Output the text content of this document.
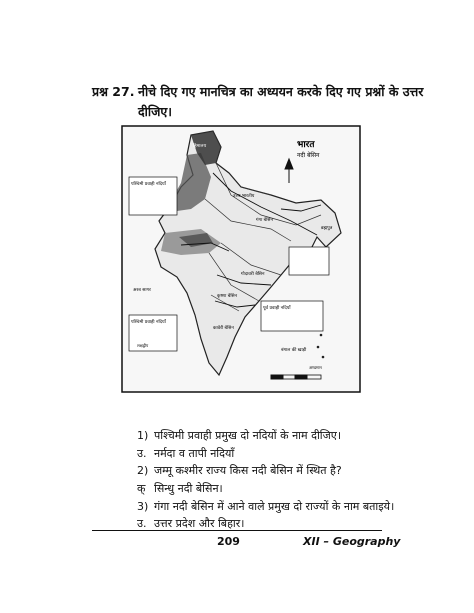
प्रश्न 27. नीचे दिए गए मानचित्र का अध्ययन करके दिए गए प्रश्नों के उत्तर दीजिए।
भारत
नदी बेसिन
हिमालय
उत्तर भारतीय
गंगा बेसिन
ब्रह्मपुत्र
गोदावरी बेसिन
कृष्णा बेसिन
कावेरी बेसिन
पश्चिमी प्रवाही नदियाँ
पश्चिमी प्रवाही नदियाँ
पूर्व प्रवाही नदियाँ
बंगाल की खाड़ी
अरब सागर
लक्षद्वीप
अण्डमान
1) पश्चिमी प्रवाही प्रमुख दो नदियों के नाम दीजिए।
उ. नर्मदा व तापी नदियाँ
2) जम्मू कश्मीर राज्य किस नदी बेसिन में स्थित है?
क् सिन्धु नदी बेसिन।
3) गंगा नदी बेसिन में आने वाले प्रमुख दो राज्यों के नाम बताइये।
उ. उत्तर प्रदेश और बिहार।
209	XII – Geography
